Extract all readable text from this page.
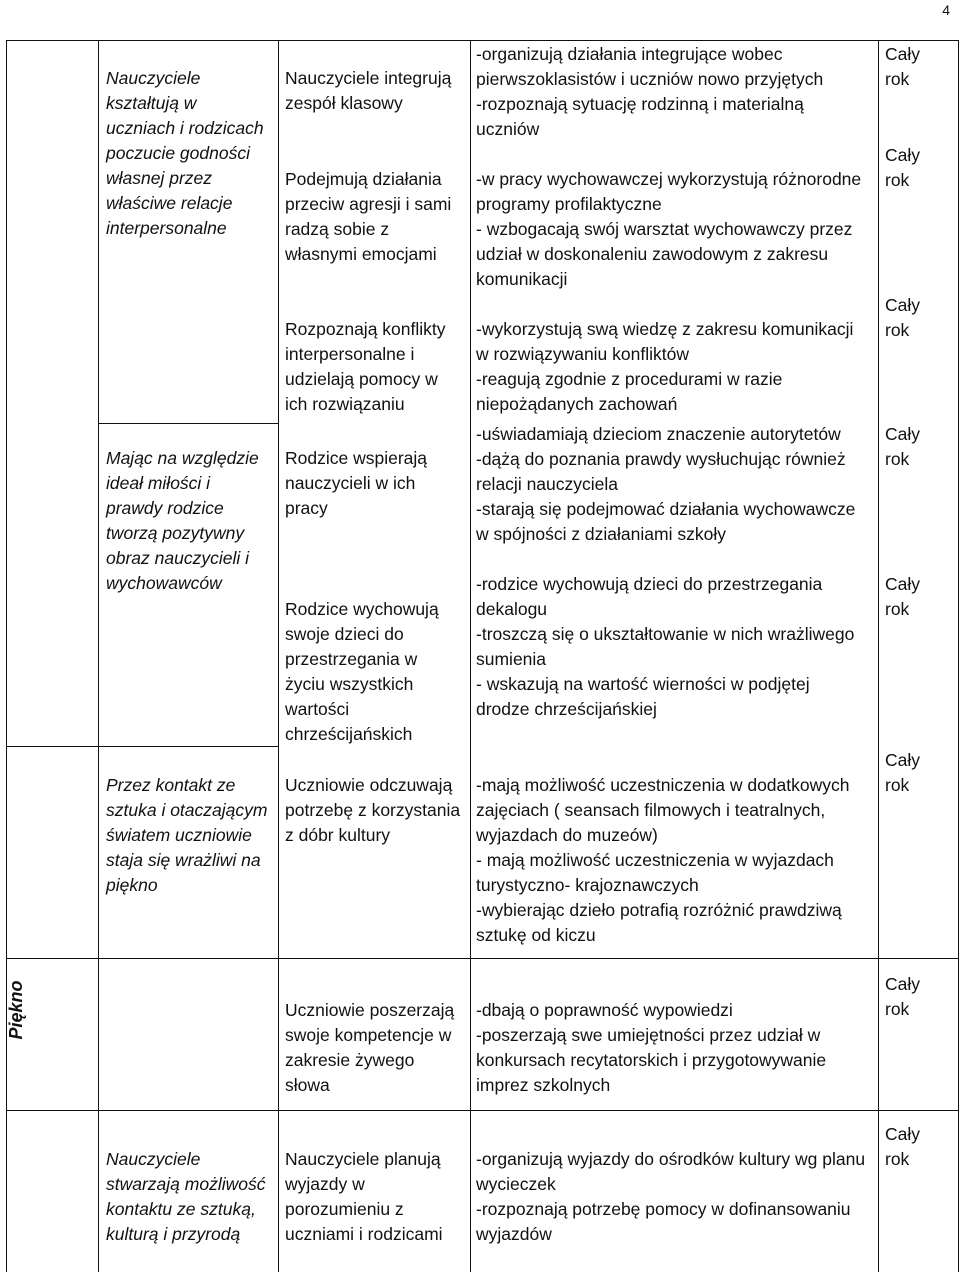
4
Piękno
Nauczyciele
kształtują w
uczniach i rodzicach
poczucie godności
własnej przez
właściwe relacje
interpersonalne
Nauczyciele integrują
zespół klasowy
-organizują działania integrujące wobec
pierwszoklasistów i uczniów nowo przyjętych
-rozpoznają sytuację rodzinną i materialną
uczniów
Cały
rok
Podejmują działania
przeciw agresji i sami
radzą sobie z
własnymi emocjami
-w pracy wychowawczej wykorzystują różnorodne
programy profilaktyczne
- wzbogacają swój warsztat wychowawczy przez
udział w doskonaleniu zawodowym z zakresu
komunikacji
Cały
rok
Rozpoznają konflikty
interpersonalne i
udzielają pomocy w
ich rozwiązaniu
-wykorzystują swą wiedzę z zakresu komunikacji
w rozwiązywaniu konfliktów
-reagują zgodnie z procedurami w razie
niepożądanych zachowań
Cały
rok
Mając na względzie
ideał miłości i
prawdy rodzice
tworzą pozytywny
obraz nauczycieli i
wychowawców
Rodzice wspierają
nauczycieli w ich
pracy
-uświadamiają dzieciom znaczenie autorytetów
-dążą do poznania prawdy wysłuchując również
relacji nauczyciela
-starają się podejmować działania wychowawcze
w spójności z działaniami szkoły
Cały
rok
Rodzice wychowują
swoje dzieci do
przestrzegania w
życiu wszystkich
wartości
chrześcijańskich
-rodzice wychowują dzieci do przestrzegania
dekalogu
-troszczą się o ukształtowanie w nich wrażliwego
sumienia
- wskazują na wartość wierności w podjętej
drodze chrześcijańskiej
Cały
rok
Przez kontakt ze
sztuka i otaczającym
światem uczniowie
staja się wrażliwi na
piękno
Uczniowie odczuwają
potrzebę z korzystania
z dóbr kultury
-mają możliwość uczestniczenia w dodatkowych
zajęciach ( seansach filmowych i teatralnych,
wyjazdach do muzeów)
- mają możliwość uczestniczenia w wyjazdach
turystyczno- krajoznawczych
-wybierając dzieło potrafią rozróżnić prawdziwą
sztukę od kiczu
Cały
rok
Uczniowie poszerzają
swoje kompetencje w
zakresie żywego
słowa
-dbają o poprawność wypowiedzi
-poszerzają swe umiejętności przez udział w
konkursach recytatorskich i przygotowywanie
imprez szkolnych
Cały
rok
Nauczyciele
stwarzają możliwość
kontaktu ze sztuką,
kulturą i przyrodą
Nauczyciele planują
wyjazdy w
porozumieniu z
uczniami i rodzicami
-organizują wyjazdy do ośrodków kultury wg planu
wycieczek
-rozpoznają potrzebę pomocy w dofinansowaniu
wyjazdów
Cały
rok
